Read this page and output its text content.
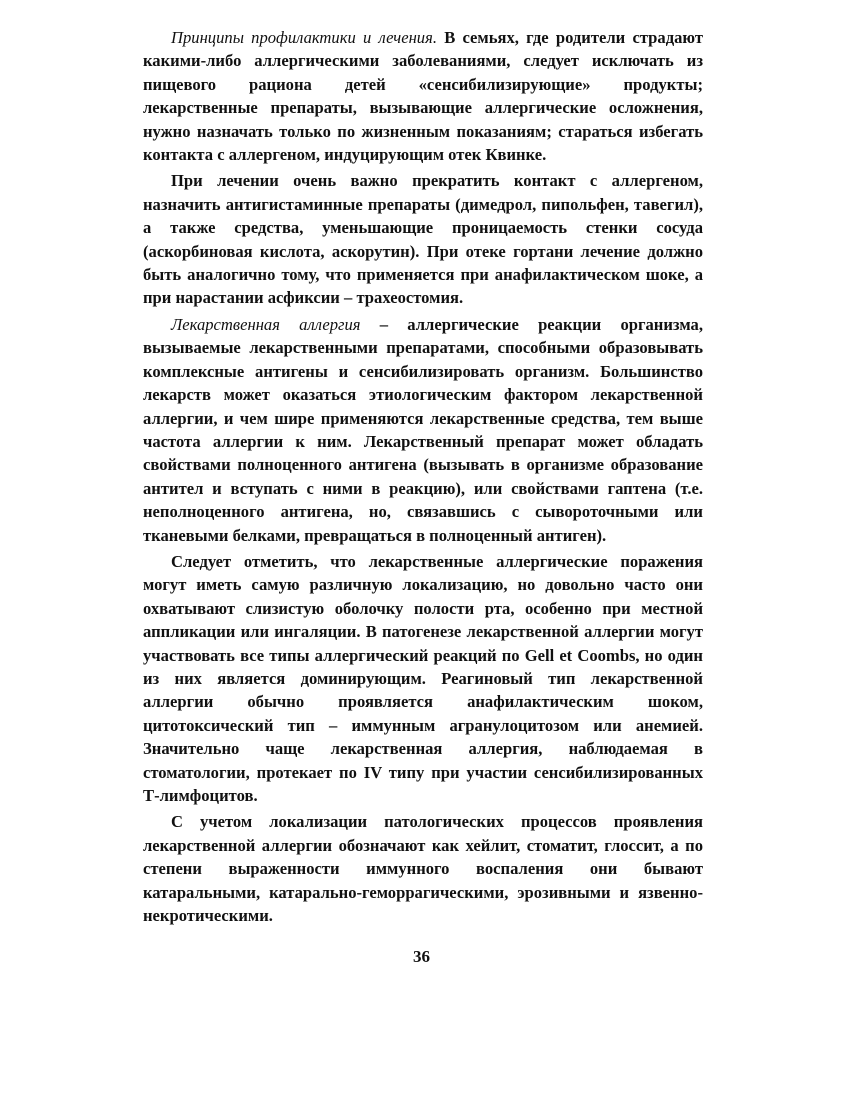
Принципы профилактики и лечения. В семьях, где родители страдают какими-либо аллергическими заболеваниями, следует исключать из пищевого рациона детей «сенсибилизирующие» продукты; лекарственные препараты, вызывающие аллергические осложнения, нужно назначать только по жизненным показаниям; стараться избегать контакта с аллергеном, индуцирующим отек Квинке.

При лечении очень важно прекратить контакт с аллергеном, назначить антигистаминные препараты (димедрол, пипольфен, тавегил), а также средства, уменьшающие проницаемость стенки сосуда (аскорбиновая кислота, аскорутин). При отеке гортани лечение должно быть аналогично тому, что применяется при анафилактическом шоке, а при нарастании асфиксии – трахеостомия.

Лекарственная аллергия – аллергические реакции организма, вызываемые лекарственными препаратами, способными образовывать комплексные антигены и сенсибилизировать организм. Большинство лекарств может оказаться этиологическим фактором лекарственной аллергии, и чем шире применяются лекарственные средства, тем выше частота аллергии к ним. Лекарственный препарат может обладать свойствами полноценного антигена (вызывать в организме образование антител и вступать с ними в реакцию), или свойствами гаптена (т.е. неполноценного антигена, но, связавшись с сывороточными или тканевыми белками, превращаться в полноценный антиген).

Следует отметить, что лекарственные аллергические поражения могут иметь самую различную локализацию, но довольно часто они охватывают слизистую оболочку полости рта, особенно при местной аппликации или ингаляции. В патогенезе лекарственной аллергии могут участвовать все типы аллергический реакций по Gell et Coombs, но один из них является доминирующим. Реагиновый тип лекарственной аллергии обычно проявляется анафилактическим шоком, цитотоксический тип – иммунным агранулоцитозом или анемией. Значительно чаще лекарственная аллергия, наблюдаемая в стоматологии, протекает по IV типу при участии сенсибилизированных Т-лимфоцитов.

С учетом локализации патологических процессов проявления лекарственной аллергии обозначают как хейлит, стоматит, глоссит, а по степени выраженности иммунного воспаления они бывают катаральными, катарально-геморрагическими, эрозивными и язвенно-некротическими.

36
